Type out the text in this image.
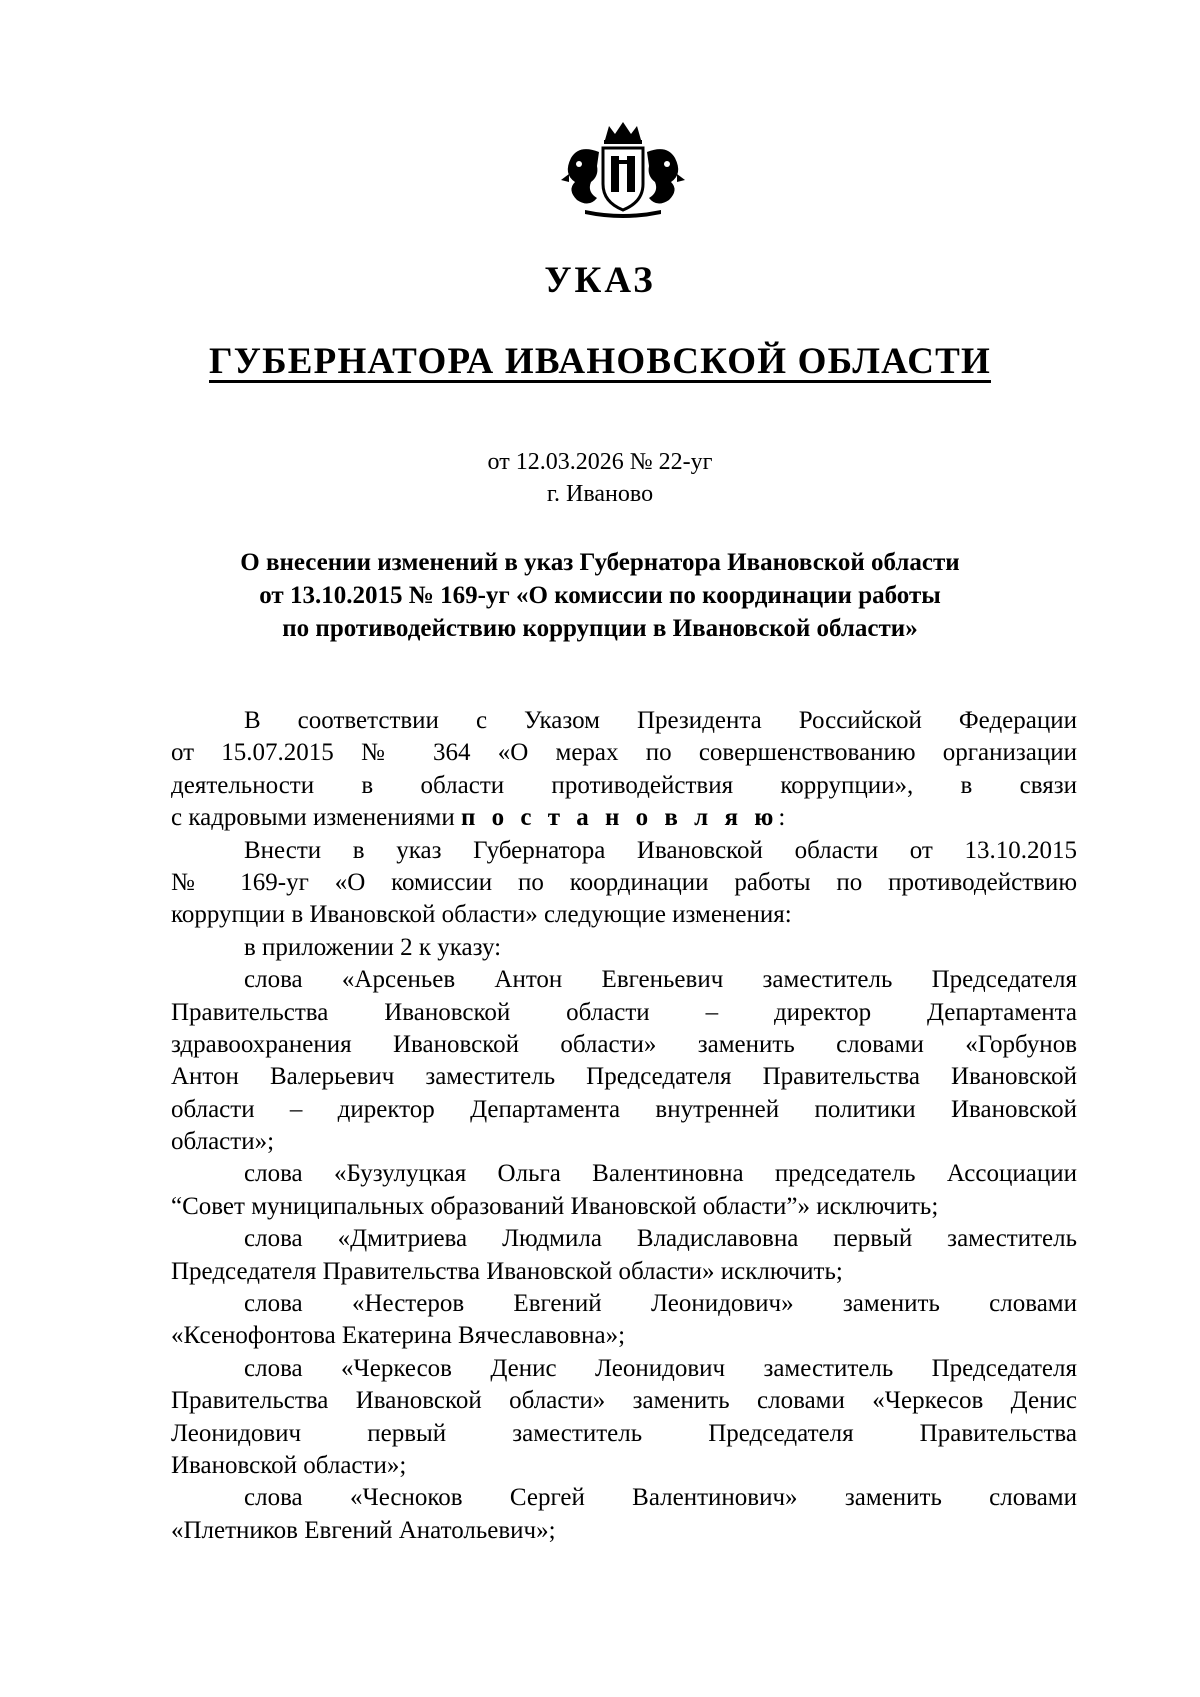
УКАЗ
ГУБЕРНАТОРА ИВАНОВСКОЙ ОБЛАСТИ
от 12.03.2026 № 22-уг
г. Иваново
О внесении изменений в указ Губернатора Ивановской области
от 13.10.2015 № 169-уг «О комиссии по координации работы
по противодействию коррупции в Ивановской области»
В соответствии с Указом Президента Российской Федерации
от 15.07.2015 № 364 «О мерах по совершенствованию организации
деятельности в области противодействия коррупции», в связи
с кадровыми изменениями п о с т а н о в л я ю:
Внести в указ Губернатора Ивановской области от 13.10.2015
№ 169-уг «О комиссии по координации работы по противодействию
коррупции в Ивановской области» следующие изменения:
в приложении 2 к указу:
слова «Арсеньев Антон Евгеньевич заместитель Председателя
Правительства Ивановской области – директор Департамента
здравоохранения Ивановской области» заменить словами «Горбунов
Антон Валерьевич заместитель Председателя Правительства Ивановской
области – директор Департамента внутренней политики Ивановской
области»;
слова «Бузулуцкая Ольга Валентиновна председатель Ассоциации
“Совет муниципальных образований Ивановской области”» исключить;
слова «Дмитриева Людмила Владиславовна первый заместитель
Председателя Правительства Ивановской области» исключить;
слова «Нестеров Евгений Леонидович» заменить словами
«Ксенофонтова Екатерина Вячеславовна»;
слова «Черкесов Денис Леонидович заместитель Председателя
Правительства Ивановской области» заменить словами «Черкесов Денис
Леонидович первый заместитель Председателя Правительства
Ивановской области»;
слова «Чесноков Сергей Валентинович» заменить словами
«Плетников Евгений Анатольевич»;
